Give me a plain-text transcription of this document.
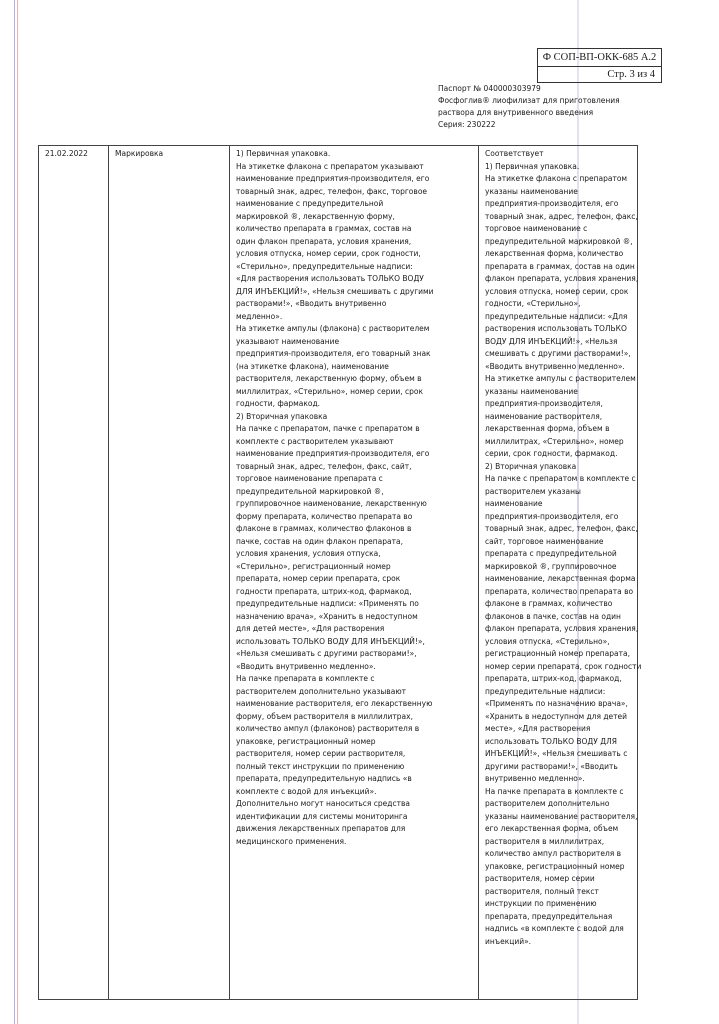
Ф СОП-ВП-ОКК-685 А.2
Стр. 3 из 4
Паспорт № 040000303979
Фосфоглив® лиофилизат для приготовления
раствора для внутривенного введения
Серия: 230222
21.02.2022	Маркировка	1) Первичная упаковка.
На этикетке флакона с препаратом указывают
наименование предприятия-производителя, его
товарный знак, адрес, телефон, факс, торговое
наименование с предупредительной
маркировкой ®, лекарственную форму,
количество препарата в граммах, состав на
один флакон препарата, условия хранения,
условия отпуска, номер серии, срок годности,
«Стерильно», предупредительные надписи:
«Для растворения использовать ТОЛЬКО ВОДУ
ДЛЯ ИНЪЕКЦИЙ!», «Нельзя смешивать с другими
растворами!», «Вводить внутривенно
медленно».
На этикетке ампулы (флакона) с растворителем
указывают наименование
предприятия-производителя, его товарный знак
(на этикетке флакона), наименование
растворителя, лекарственную форму, объем в
миллилитрах, «Стерильно», номер серии, срок
годности, фармакод.
2) Вторичная упаковка
На пачке с препаратом, пачке с препаратом в
комплекте с растворителем указывают
наименование предприятия-производителя, его
товарный знак, адрес, телефон, факс, сайт,
торговое наименование препарата с
предупредительной маркировкой ®,
группировочное наименование, лекарственную
форму препарата, количество препарата во
флаконе в граммах, количество флаконов в
пачке, состав на один флакон препарата,
условия хранения, условия отпуска,
«Стерильно», регистрационный номер
препарата, номер серии препарата, срок
годности препарата, штрих-код, фармакод,
предупредительные надписи: «Применять по
назначению врача», «Хранить в недоступном
для детей месте», «Для растворения
использовать ТОЛЬКО ВОДУ ДЛЯ ИНЪЕКЦИЙ!»,
«Нельзя смешивать с другими растворами!»,
«Вводить внутривенно медленно».
На пачке препарата в комплекте с
растворителем дополнительно указывают
наименование растворителя, его лекарственную
форму, объем растворителя в миллилитрах,
количество ампул (флаконов) растворителя в
упаковке, регистрационный номер
растворителя, номер серии растворителя,
полный текст инструкции по применению
препарата, предупредительную надпись «в
комплекте с водой для инъекций».
Дополнительно могут наноситься средства
идентификации для системы мониторинга
движения лекарственных препаратов для
медицинского применения.
Соответствует
1) Первичная упаковка.
На этикетке флакона с препаратом
указаны наименование
предприятия-производителя, его
товарный знак, адрес, телефон, факс,
торговое наименование с
предупредительной маркировкой ®,
лекарственная форма, количество
препарата в граммах, состав на один
флакон препарата, условия хранения,
условия отпуска, номер серии, срок
годности, «Стерильно»,
предупредительные надписи: «Для
растворения использовать ТОЛЬКО
ВОДУ ДЛЯ ИНЪЕКЦИЙ!», «Нельзя
смешивать с другими растворами!»,
«Вводить внутривенно медленно».
На этикетке ампулы с растворителем
указаны наименование
предприятия-производителя,
наименование растворителя,
лекарственная форма, объем в
миллилитрах, «Стерильно», номер
серии, срок годности, фармакод.
2) Вторичная упаковка
На пачке с препаратом в комплекте с
растворителем указаны
наименование
предприятия-производителя, его
товарный знак, адрес, телефон, факс,
сайт, торговое наименование
препарата с предупредительной
маркировкой ®, группировочное
наименование, лекарственная форма
препарата, количество препарата во
флаконе в граммах, количество
флаконов в пачке, состав на один
флакон препарата, условия хранения,
условия отпуска, «Стерильно»,
регистрационный номер препарата,
номер серии препарата, срок годности
препарата, штрих-код, фармакод,
предупредительные надписи:
«Применять по назначению врача»,
«Хранить в недоступном для детей
месте», «Для растворения
использовать ТОЛЬКО ВОДУ ДЛЯ
ИНЪЕКЦИЙ!», «Нельзя смешивать с
другими растворами!», «Вводить
внутривенно медленно».
На пачке препарата в комплекте с
растворителем дополнительно
указаны наименование растворителя,
его лекарственная форма, объем
растворителя в миллилитрах,
количество ампул растворителя в
упаковке, регистрационный номер
растворителя, номер серии
растворителя, полный текст
инструкции по применению
препарата, предупредительная
надпись «в комплекте с водой для
инъекций».
